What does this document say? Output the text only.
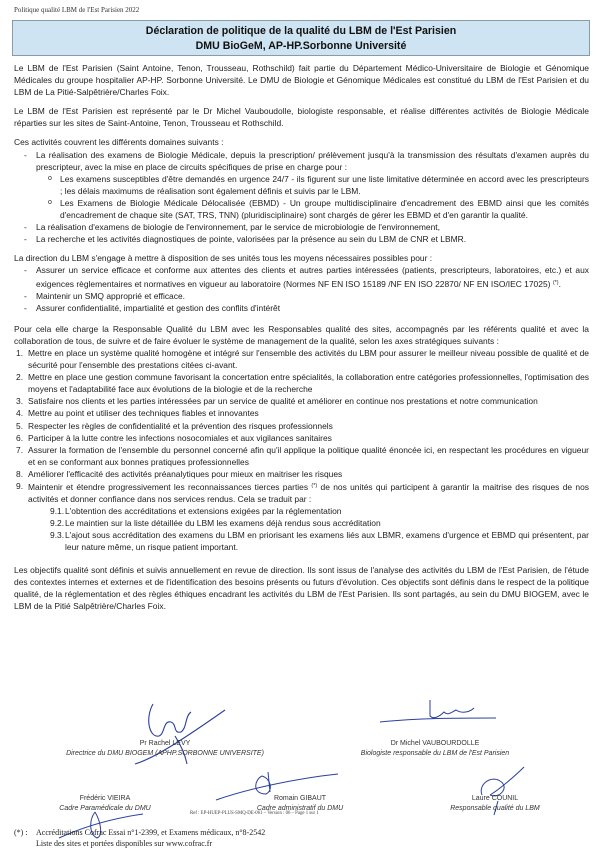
Politique qualité LBM de l'Est Parisien 2022
Déclaration de politique de la qualité du LBM de l'Est Parisien
DMU BioGeM, AP-HP.Sorbonne Université

Le LBM de l'Est Parisien (Saint Antoine, Tenon, Trousseau, Rothschild) fait partie du Département Médico-Universitaire de Biologie et Génomique Médicales du groupe hospitalier AP-HP. Sorbonne Université. Le DMU de Biologie et Génomique Médicales est constitué du LBM de l'Est Parisien et du LBM de La Pitié-Salpêtrière/Charles Foix.

Le LBM de l'Est Parisien est représenté par le Dr Michel Vauboudolle, biologiste responsable, et réalise différentes activités de Biologie Médicale réparties sur les sites de Saint-Antoine, Tenon, Trousseau et Rothschild.

Ces activités couvrent les différents domaines suivants :

- La réalisation des examens de Biologie Médicale, depuis la prescription/ prélèvement jusqu'à la transmission des résultats d'examen auprès du prescripteur, avec la mise en place de circuits spécifiques de prise en charge pour :
o Les examens susceptibles d'être demandés en urgence 24/7 - ils figurent sur une liste limitative déterminée en accord avec les prescripteurs ; les délais maximums de réalisation sont également définis et suivis par le LBM.
o Les Examens de Biologie Médicale Délocalisée (EBMD) - Un groupe multidisciplinaire d'encadrement des EBMD ainsi que les comités d'encadrement de chaque site (SAT, TRS, TNN) (pluridisciplinaire) sont chargés de gérer les EBMD et d'en garantir la qualité.
- La réalisation d'examens de biologie de l'environnement, par le service de microbiologie de l'environnement,
- La recherche et les activités diagnostiques de pointe, valorisées par la présence au sein du LBM de CNR et LBMR.

La direction du LBM s'engage à mettre à disposition de ses unités tous les moyens nécessaires possibles pour :

- Assurer un service efficace et conforme aux attentes des clients et autres parties intéressées (patients, prescripteurs, laboratoires, etc.) et aux exigences règlementaires et normatives en vigueur au laboratoire (Normes NF EN ISO 15189 /NF EN ISO 22870/ NF EN ISO/IEC 17025) (*).
- Maintenir un SMQ approprié et efficace.
- Assurer confidentialité, impartialité et gestion des conflits d'intérêt

Pour cela elle charge la Responsable Qualité du LBM avec les Responsables qualité des sites, accompagnés par les référents qualité et avec la collaboration de tous, de suivre et de faire évoluer le système de management de la qualité, selon les axes stratégiques suivants :

1. Mettre en place un système qualité homogène et intégré sur l'ensemble des activités du LBM pour assurer le meilleur niveau possible de qualité et de sécurité pour l'ensemble des prestations citées ci-avant.
2. Mettre en place une gestion commune favorisant la concertation entre spécialités, la collaboration entre catégories professionnelles, l'optimisation des moyens et l'adaptabilité face aux évolutions de la biologie et de la recherche
3. Satisfaire nos clients et les parties intéressées par un service de qualité et améliorer en continue nos prestations et notre communication
4. Mettre au point et utiliser des techniques fiables et innovantes
5. Respecter les règles de confidentialité et la prévention des risques professionnels
6. Participer à la lutte contre les infections nosocomiales et aux vigilances sanitaires
7. Assurer la formation de l'ensemble du personnel concerné afin qu'il applique la politique qualité énoncée ici, en respectant les procédures en vigueur et en se conformant aux bonnes pratiques professionnelles
8. Améliorer l'efficacité des activités préanalytiques pour mieux en maitriser les risques
9. Maintenir et étendre progressivement les reconnaissances tierces parties (*) de nos unités qui participent à garantir la maitrise des risques de nos activités et donner confiance dans nos services rendus. Cela se traduit par :
9.1. L'obtention des accréditations et extensions exigées par la réglementation
9.2. Le maintien sur la liste détaillée du LBM les examens déjà rendus sous accréditation
9.3. L'ajout sous accréditation des examens du LBM en priorisant les examens liés aux LBMR, examens d'urgence et EBMD qui présentent, par leur nature même, un risque patient important.

Les objectifs qualité sont définis et suivis annuellement en revue de direction. Ils sont issus de l'analyse des activités du LBM de l'Est Parisien, de l'étude des contextes internes et externes et de l'identification des besoins présents ou futurs d'évolution. Ces objectifs sont définis dans le respect de la politique qualité, de la réglementation et des règles éthiques encadrant les activités du LBM de l'Est Parisien. Ils sont partagés, au sein du DMU BIOGEM, avec le LBM de la Pitié Salpêtrière/Charles Foix.

Pr Rachel LEVY
Directrice du DMU BIOGEM (APHP.SORBONNE UNIVERSITE)
Dr Michel VAUBOURDOLLE
Biologiste responsable du LBM de l'Est Parisien
Frédéric VIEIRA
Cadre Paramédicale du DMU
Romain GIBAUT
Cadre administratif du DMU
Laure COUNIL
Responsable qualité du LBM
Ref : EP-HUEP-PLUS-SMQ-DE-061 – Version : 06 – Page 1 sur 1
(*) :	Accréditations Cofrac Essai n°1-2399, et Examens médicaux, n°8-2542
Liste des sites et portées disponibles sur www.cofrac.fr
